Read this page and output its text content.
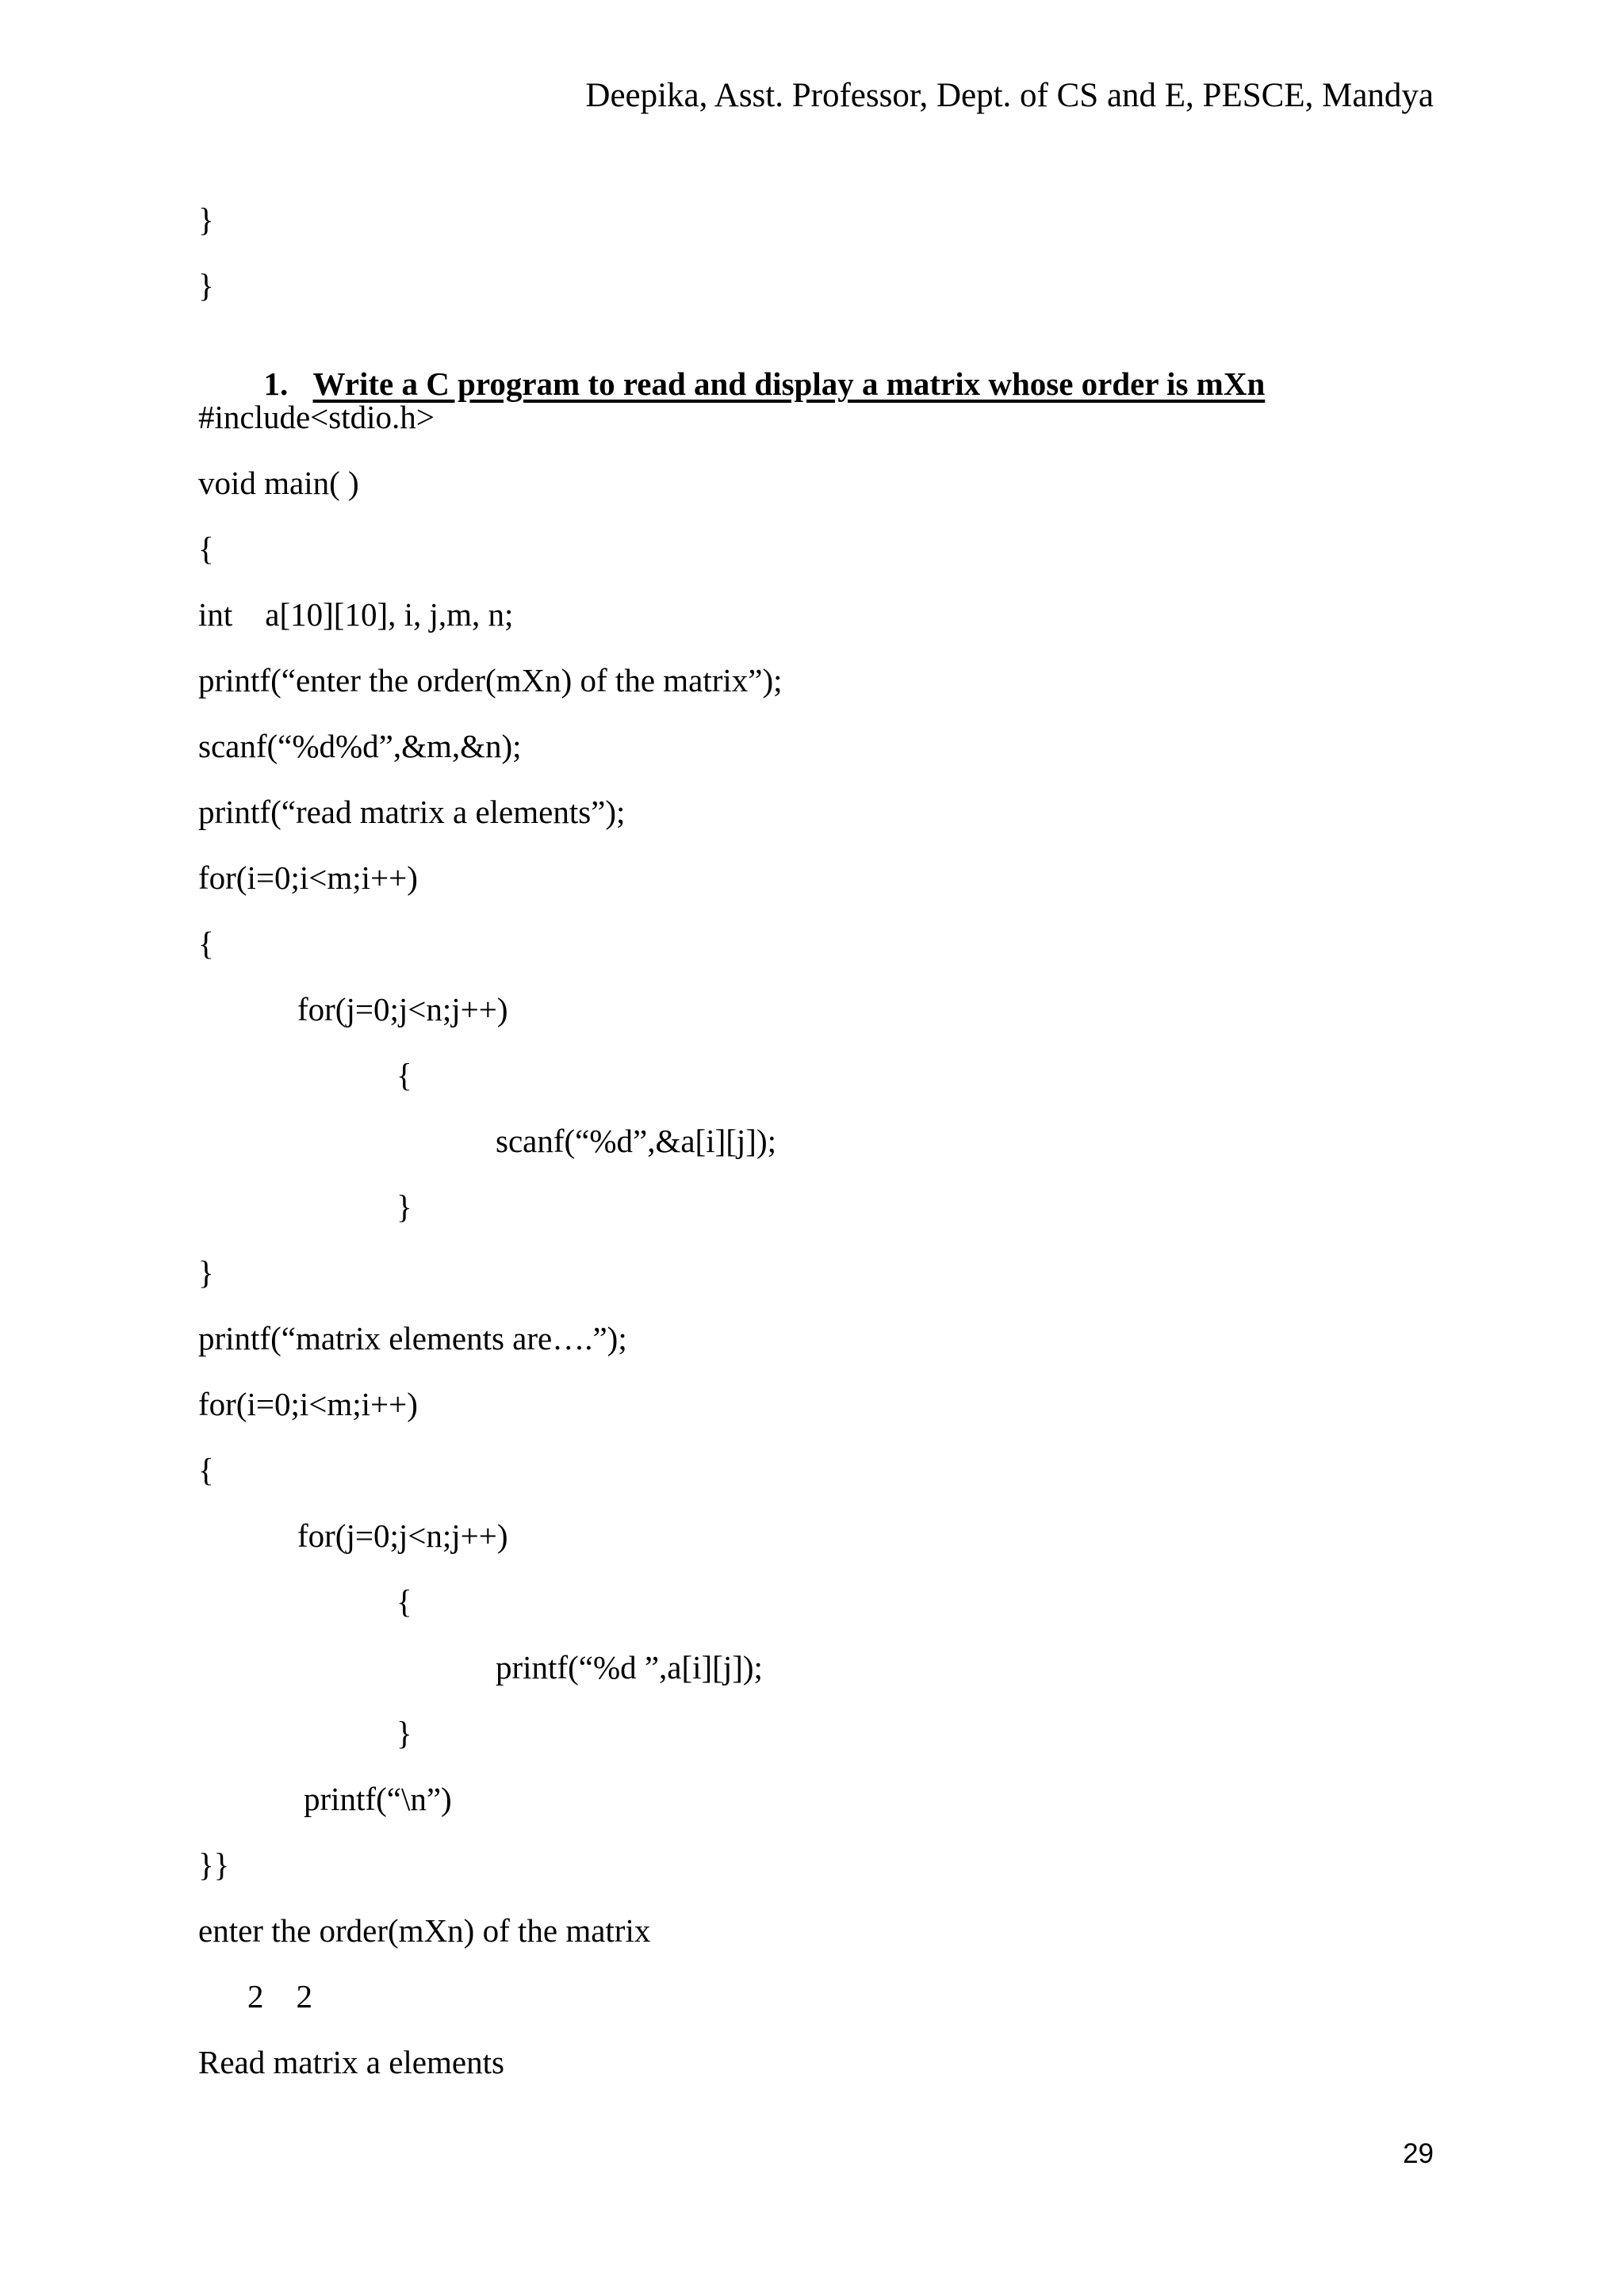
Deepika, Asst. Professor, Dept. of CS and E, PESCE, Mandya
}
}

1. Write a C program to read and display a matrix whose order is mXn

#include<stdio.h>
void main( )
{
int    a[10][10], i, j,m, n;
printf(“enter the order(mXn) of the matrix”);
scanf(“%d%d”,&m,&n);
printf(“read matrix a elements”);
for(i=0;i<m;i++)
{
for(j=0;j<n;j++)
{
scanf(“%d”,&a[i][j]);
}
}
printf(“matrix elements are….”);
for(i=0;i<m;i++)
{
for(j=0;j<n;j++)
{
printf(“%d ”,a[i][j]);
}
printf(“\n”)
}}
enter the order(mXn) of the matrix
2    2
Read matrix a elements
29
